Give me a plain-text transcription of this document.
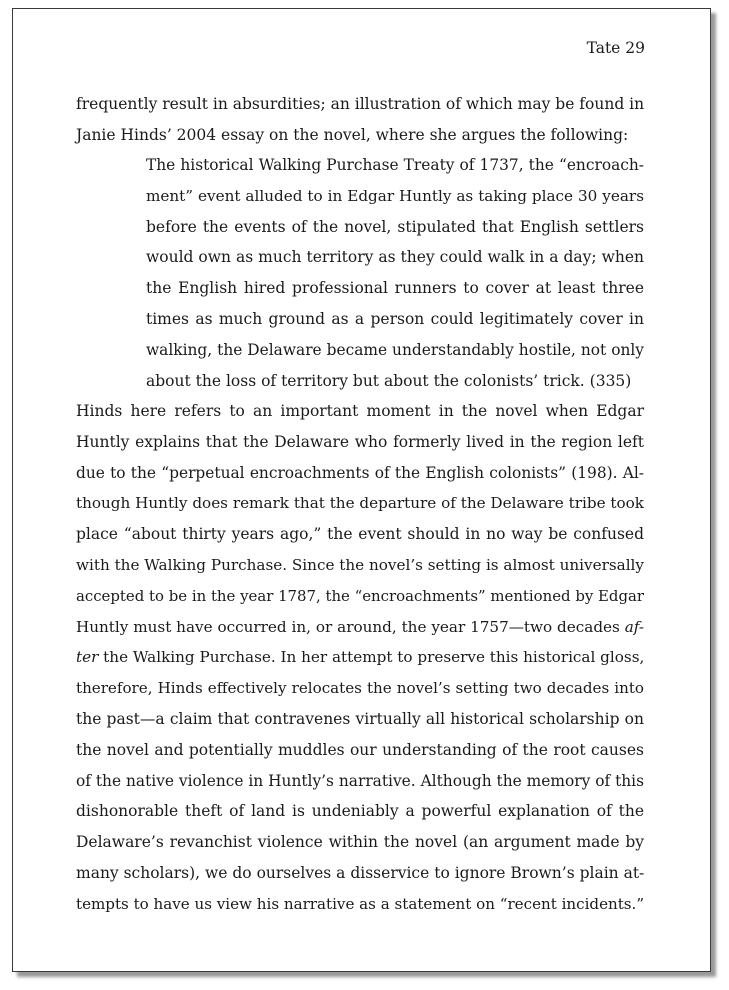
Tate 29
frequently result in absurdities; an illustration of which may be found in
Janie Hinds’ 2004 essay on the novel, where she argues the following:
The historical Walking Purchase Treaty of 1737, the “encroach-
ment” event alluded to in Edgar Huntly as taking place 30 years
before the events of the novel, stipulated that English settlers
would own as much territory as they could walk in a day; when
the English hired professional runners to cover at least three
times as much ground as a person could legitimately cover in
walking, the Delaware became understandably hostile, not only
about the loss of territory but about the colonists’ trick. (335)
Hinds here refers to an important moment in the novel when Edgar
Huntly explains that the Delaware who formerly lived in the region left
due to the “perpetual encroachments of the English colonists” (198). Al-
though Huntly does remark that the departure of the Delaware tribe took
place “about thirty years ago,” the event should in no way be confused
with the Walking Purchase. Since the novel’s setting is almost universally
accepted to be in the year 1787, the “encroachments” mentioned by Edgar
Huntly must have occurred in, or around, the year 1757—two decades af-
ter the Walking Purchase. In her attempt to preserve this historical gloss,
therefore, Hinds effectively relocates the novel’s setting two decades into
the past—a claim that contravenes virtually all historical scholarship on
the novel and potentially muddles our understanding of the root causes
of the native violence in Huntly’s narrative. Although the memory of this
dishonorable theft of land is undeniably a powerful explanation of the
Delaware’s revanchist violence within the novel (an argument made by
many scholars), we do ourselves a disservice to ignore Brown’s plain at-
tempts to have us view his narrative as a statement on “recent incidents.”
